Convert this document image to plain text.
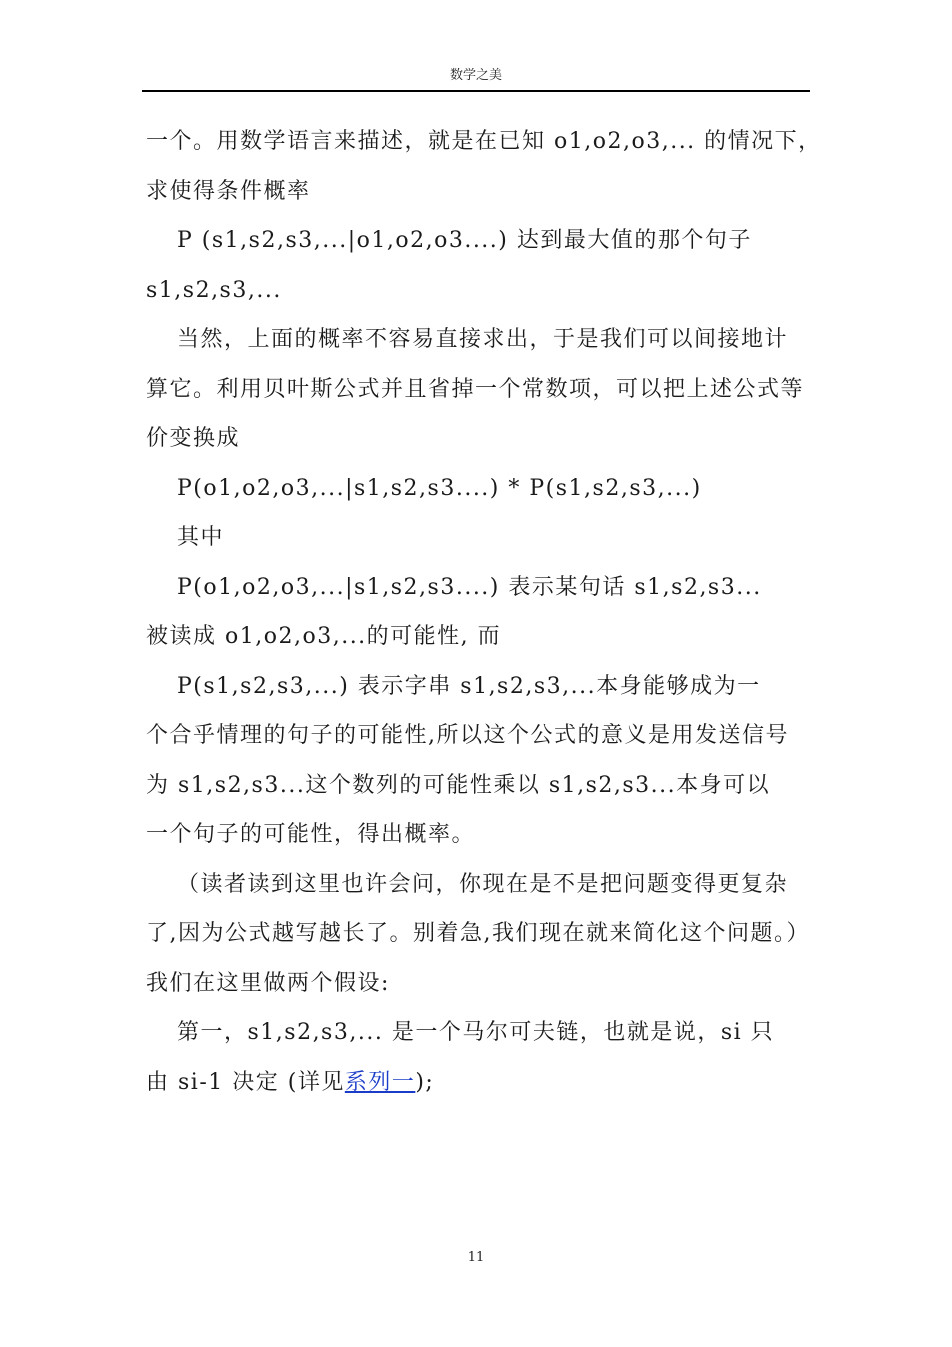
数学之美
一个。用数学语言来描述，就是在已知 o1,o2,o3,... 的情况下，
求使得条件概率
P (s1,s2,s3,...|o1,o2,o3....) 达到最大值的那个句子
s1,s2,s3,...
当然，上面的概率不容易直接求出，于是我们可以间接地计
算它。利用贝叶斯公式并且省掉一个常数项，可以把上述公式等
价变换成
P(o1,o2,o3,...|s1,s2,s3....) * P(s1,s2,s3,...)
其中
P(o1,o2,o3,...|s1,s2,s3....) 表示某句话 s1,s2,s3...
被读成 o1,o2,o3,...的可能性, 而
P(s1,s2,s3,...) 表示字串 s1,s2,s3,...本身能够成为一
个合乎情理的句子的可能性,所以这个公式的意义是用发送信号
为 s1,s2,s3...这个数列的可能性乘以 s1,s2,s3...本身可以
一个句子的可能性，得出概率。
（读者读到这里也许会问，你现在是不是把问题变得更复杂
了,因为公式越写越长了。别着急,我们现在就来简化这个问题。）
我们在这里做两个假设:
第一，s1,s2,s3,... 是一个马尔可夫链，也就是说，si 只
由 si-1 决定 (详见系列一);
11
